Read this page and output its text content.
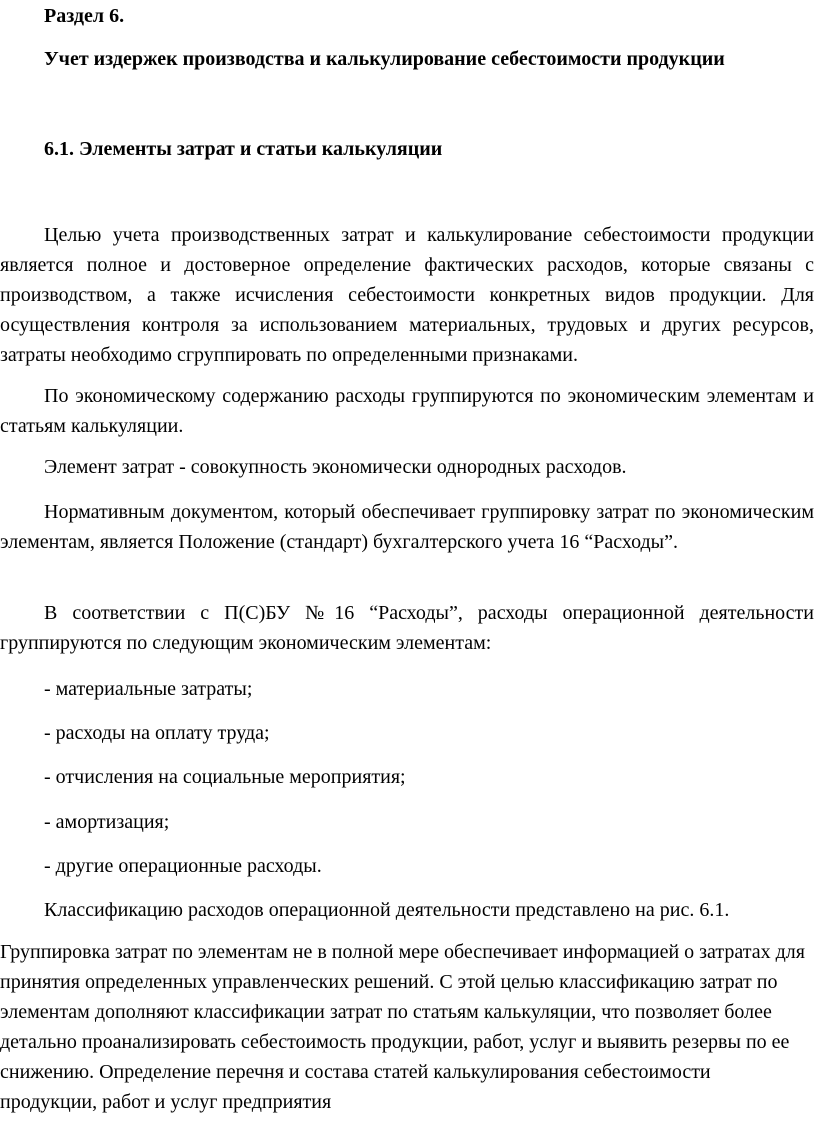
Раздел 6.
Учет издержек производства и калькулирование себестоимости продукции
6.1. Элементы затрат и статьи калькуляции

Целью учета производственных затрат и калькулирование себестоимости продукции является полное и достоверное определение фактических расходов, которые связаны с производством, а также исчисления себестоимости конкретных видов продукции. Для осуществления контроля за использованием материальных, трудовых и других ресурсов, затраты необходимо сгруппировать по определенными признаками.

По экономическому содержанию расходы группируются по экономическим элементам и статьям калькуляции.

Элемент затрат - совокупность экономически однородных расходов.

Нормативным документом, который обеспечивает группировку затрат по экономическим элементам, является Положение (стандарт) бухгалтерского учета 16 “Расходы”.

В соответствии с П(С)БУ №16 “Расходы”, расходы операционной деятельности группируются по следующим экономическим элементам:

- материальные затраты;
- расходы на оплату труда;
- отчисления на социальные мероприятия;
- амортизация;
- другие операционные расходы.
Классификацию расходов операционной деятельности представлено на рис. 6.1.

Группировка затрат по элементам не в полной мере обеспечивает информацией о затратах для принятия определенных управленческих решений. С этой целью классификацию затрат по элементам дополняют классификации затрат по статьям калькуляции, что позволяет более детально проанализировать себестоимость продукции, работ, услуг и выявить резервы по ее снижению. Определение перечня и состава статей калькулирования себестоимости продукции, работ и услуг предприятия
